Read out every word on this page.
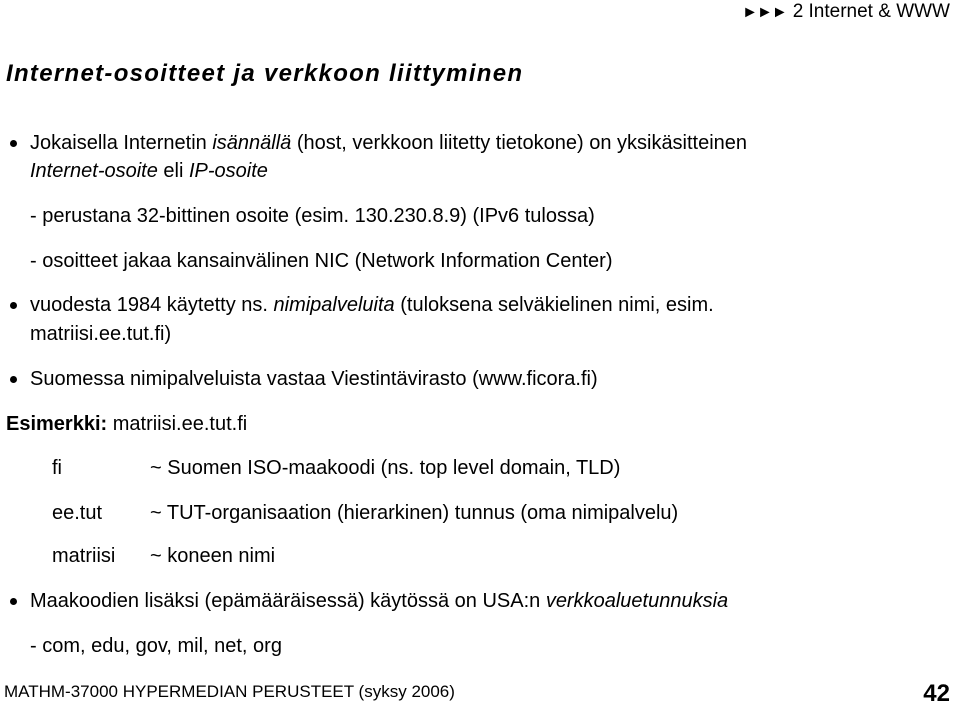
►►► 2 Internet & WWW
Internet-osoitteet ja verkkoon liittyminen
Jokaisella Internetin isännällä (host, verkkoon liitetty tietokone) on yksikäsitteinen
Internet-osoite eli IP-osoite
- perustana 32-bittinen osoite (esim. 130.230.8.9) (IPv6 tulossa)
- osoitteet jakaa kansainvälinen NIC (Network Information Center)
vuodesta 1984 käytetty ns. nimipalveluita (tuloksena selväkielinen nimi, esim.
matriisi.ee.tut.fi)
Suomessa nimipalveluista vastaa Viestintävirasto (www.ficora.fi)
Esimerkki: matriisi.ee.tut.fi
fi	~ Suomen ISO-maakoodi (ns. top level domain, TLD)
ee.tut ~ TUT-organisaation (hierarkinen) tunnus (oma nimipalvelu)
matriisi ~ koneen nimi
Maakoodien lisäksi (epämääräisessä) käytössä on USA:n verkkoaluetunnuksia
- com, edu, gov, mil, net, org
MATHM-37000 HYPERMEDIAN PERUSTEET (syksy 2006)	42
